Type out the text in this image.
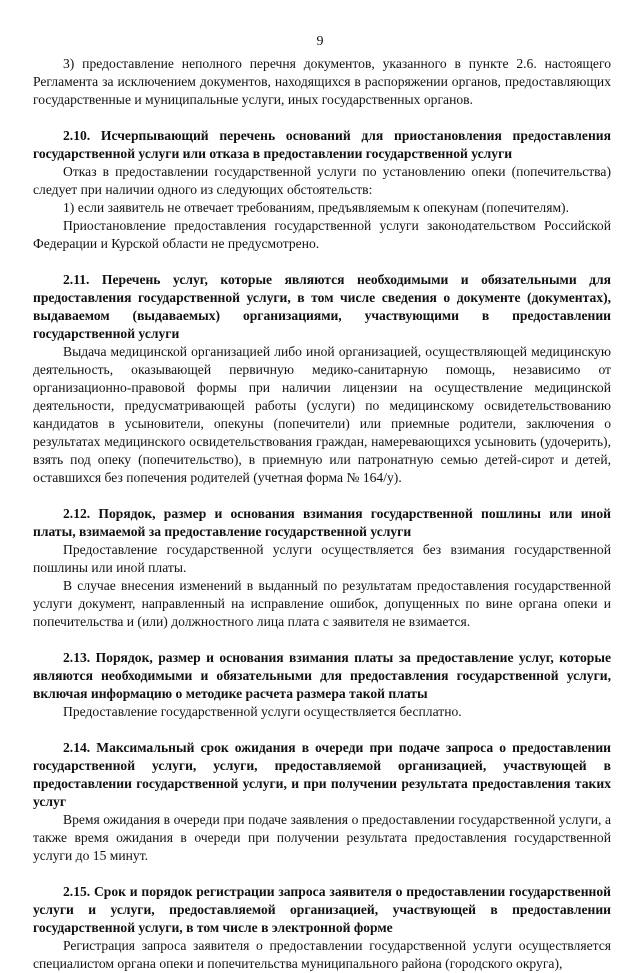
9

3) предоставление неполного перечня документов, указанного в пункте 2.6. настоящего Регламента за исключением документов, находящихся в распоряжении органов, предоставляющих государственные и муниципальные услуги, иных государственных органов.

2.10. Исчерпывающий перечень оснований для приостановления предоставления государственной услуги или отказа в предоставлении государственной услуги

Отказ в предоставлении государственной услуги по установлению опеки (попечительства) следует при наличии одного из следующих обстоятельств:

1) если заявитель не отвечает требованиям, предъявляемым к опекунам (попечителям).

Приостановление предоставления государственной услуги законодательством Российской Федерации и Курской области не предусмотрено.

2.11. Перечень услуг, которые являются необходимыми и обязательными для предоставления государственной услуги, в том числе сведения о документе (документах), выдаваемом (выдаваемых) организациями, участвующими в предоставлении государственной услуги

Выдача медицинской организацией либо иной организацией, осуществляющей медицинскую деятельность, оказывающей первичную медико-санитарную помощь, независимо от организационно-правовой формы при наличии лицензии на осуществление медицинской деятельности, предусматривающей работы (услуги) по медицинскому освидетельствованию кандидатов в усыновители, опекуны (попечители) или приемные родители, заключения о результатах медицинского освидетельствования граждан, намеревающихся усыновить (удочерить), взять под опеку (попечительство), в приемную или патронатную семью детей-сирот и детей, оставшихся без попечения родителей (учетная форма № 164/у).

2.12. Порядок, размер и основания взимания государственной пошлины или иной платы, взимаемой за предоставление государственной услуги

Предоставление государственной услуги осуществляется без взимания государственной пошлины или иной платы.

В случае внесения изменений в выданный по результатам предоставления государственной услуги документ, направленный на исправление ошибок, допущенных по вине органа опеки и попечительства и (или) должностного лица плата с заявителя не взимается.

2.13. Порядок, размер и основания взимания платы за предоставление услуг, которые являются необходимыми и обязательными для предоставления государственной услуги, включая информацию о методике расчета размера такой платы

Предоставление государственной услуги осуществляется бесплатно.

2.14. Максимальный срок ожидания в очереди при подаче запроса о предоставлении государственной услуги, услуги, предоставляемой организацией, участвующей в предоставлении государственной услуги, и при получении результата предоставления таких услуг

Время ожидания в очереди при подаче заявления о предоставлении государственной услуги, а также время ожидания в очереди при получении результата предоставления государственной услуги до 15 минут.

2.15. Срок и порядок регистрации запроса заявителя о предоставлении государственной услуги и услуги, предоставляемой организацией, участвующей в предоставлении государственной услуги, в том числе в электронной форме

Регистрация запроса заявителя о предоставлении государственной услуги осуществляется специалистом органа опеки и попечительства муниципального района (городского округа),
